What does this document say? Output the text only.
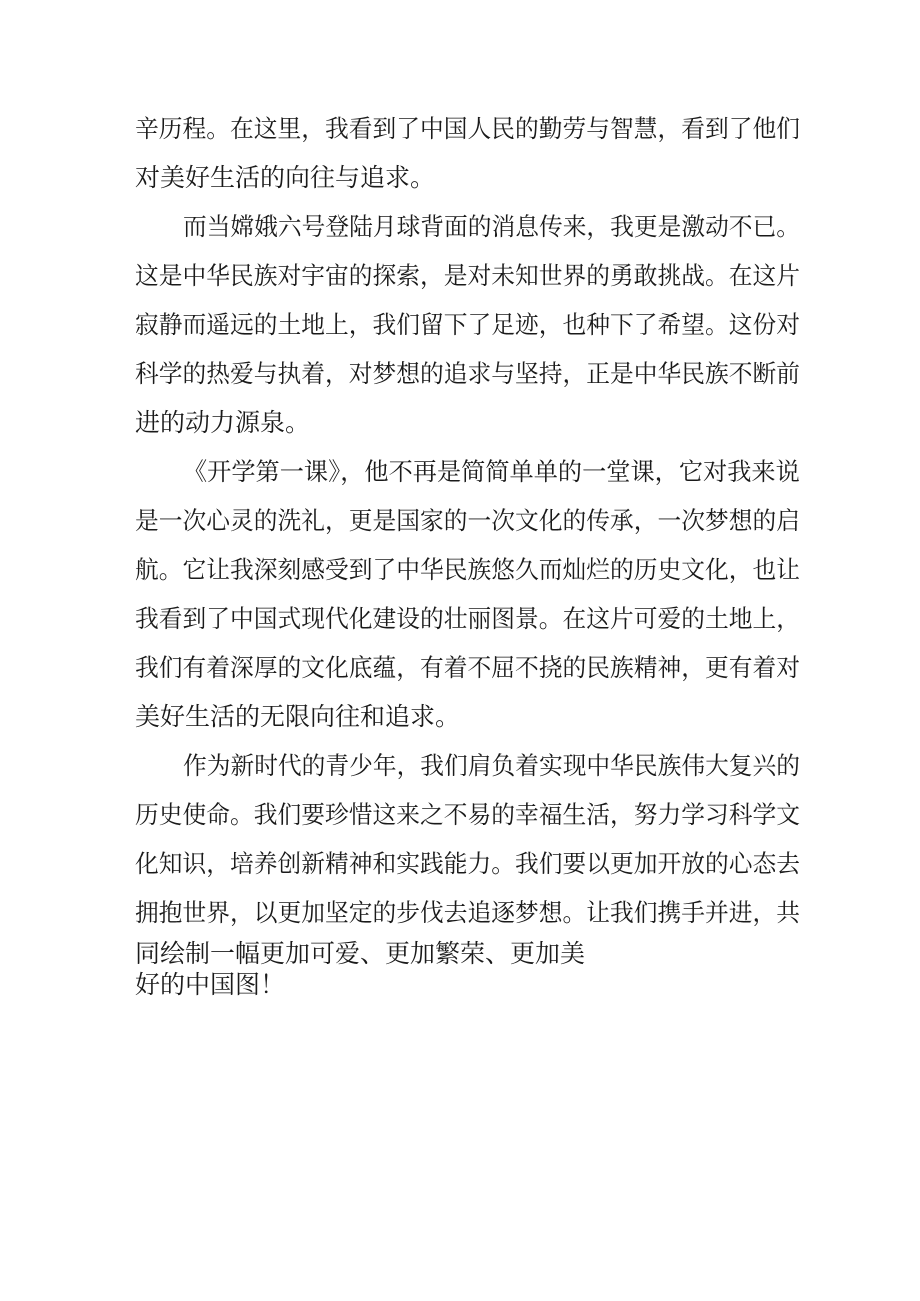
辛历程。在这里，我看到了中国人民的勤劳与智慧，看到了他们
对美好生活的向往与追求。
而当嫦娥六号登陆月球背面的消息传来，我更是激动不已。
这是中华民族对宇宙的探索，是对未知世界的勇敢挑战。在这片
寂静而遥远的土地上，我们留下了足迹，也种下了希望。这份对
科学的热爱与执着，对梦想的追求与坚持，正是中华民族不断前
进的动力源泉。
《开学第一课》，他不再是简简单单的一堂课，它对我来说
是一次心灵的洗礼，更是国家的一次文化的传承，一次梦想的启
航。它让我深刻感受到了中华民族悠久而灿烂的历史文化，也让
我看到了中国式现代化建设的壮丽图景。在这片可爱的土地上，
我们有着深厚的文化底蕴，有着不屈不挠的民族精神，更有着对
美好生活的无限向往和追求。
作为新时代的青少年，我们肩负着实现中华民族伟大复兴的
历史使命。我们要珍惜这来之不易的幸福生活，努力学习科学文
化知识，培养创新精神和实践能力。我们要以更加开放的心态去
拥抱世界，以更加坚定的步伐去追逐梦想。让我们携手并进，共
同绘制一幅更加可爱、更加繁荣、更加美
好的中国图！
